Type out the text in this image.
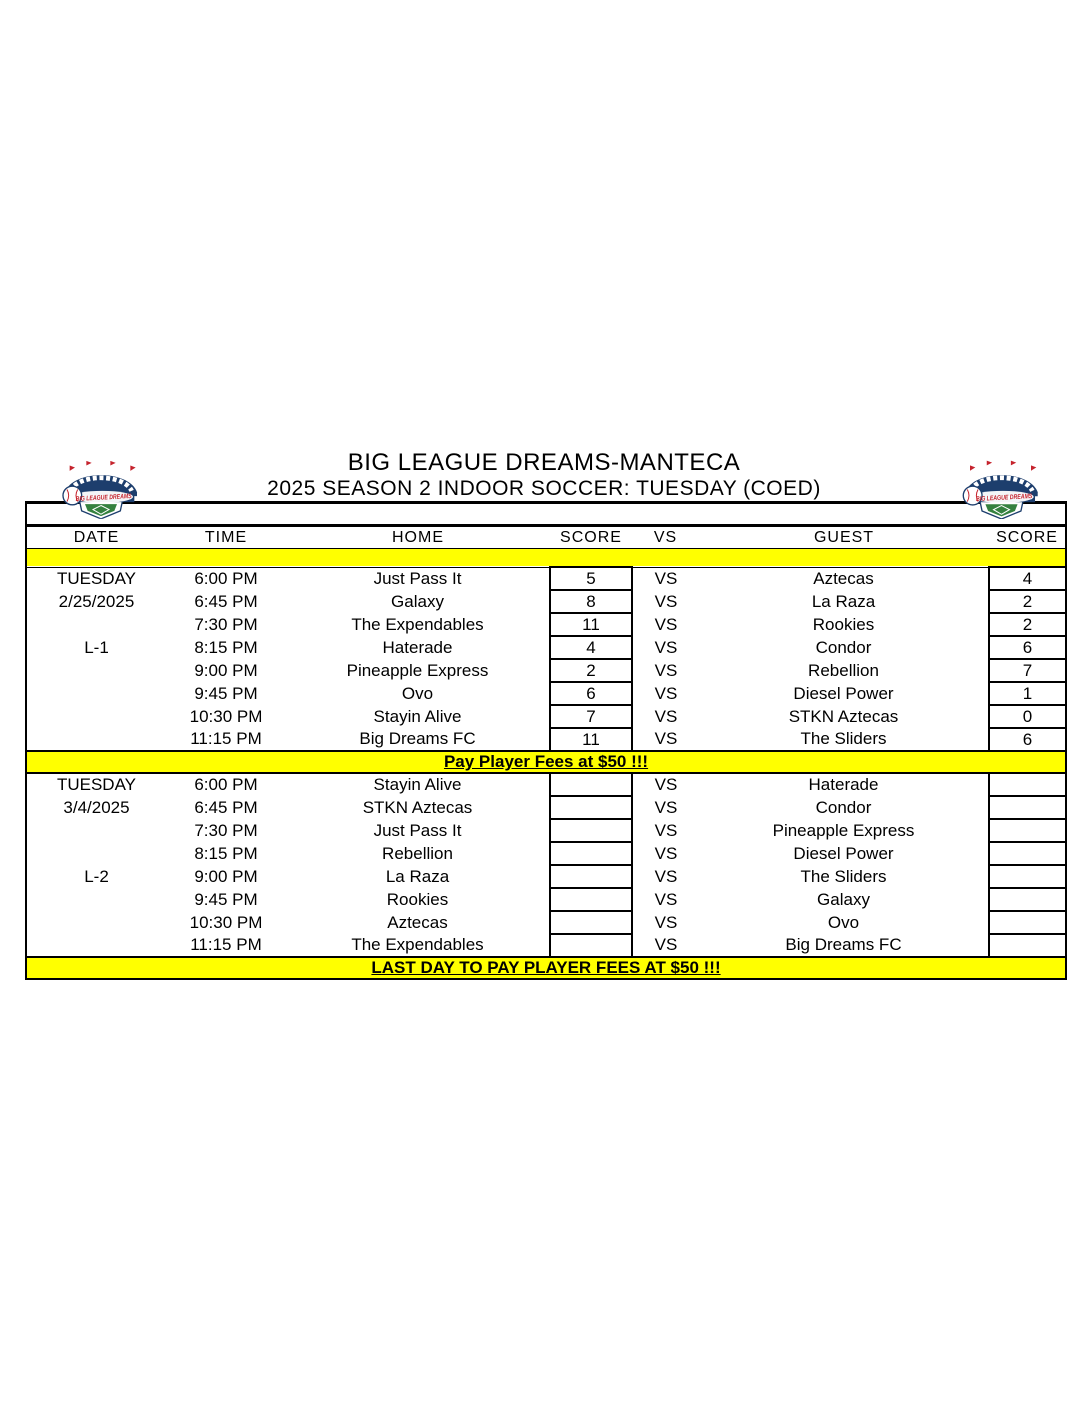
BIG LEAGUE DREAMS-MANTECA
2025 SEASON 2 INDOOR SOCCER: TUESDAY (COED)

DATE	TIME	HOME	SCORE	VS	GUEST	SCORE

TUESDAY	6:00 PM	Just Pass It	5	VS	Aztecas	4
2/25/2025	6:45 PM	Galaxy	8	VS	La Raza	2
	7:30 PM	The Expendables	11	VS	Rookies	2
L-1	8:15 PM	Haterade	4	VS	Condor	6
	9:00 PM	Pineapple Express	2	VS	Rebellion	7
	9:45 PM	Ovo	6	VS	Diesel Power	1
	10:30 PM	Stayin Alive	7	VS	STKN Aztecas	0
	11:15 PM	Big Dreams FC	11	VS	The Sliders	6
Pay Player Fees at $50 !!!						
TUESDAY	6:00 PM	Stayin Alive		VS	Haterade	
3/4/2025	6:45 PM	STKN Aztecas		VS	Condor	
	7:30 PM	Just Pass It		VS	Pineapple Express	
	8:15 PM	Rebellion		VS	Diesel Power	
L-2	9:00 PM	La Raza		VS	The Sliders	
	9:45 PM	Rookies		VS	Galaxy	
	10:30 PM	Aztecas		VS	Ovo	
	11:15 PM	The Expendables		VS	Big Dreams FC	
LAST DAY TO PAY PLAYER FEES AT $50 !!!						
